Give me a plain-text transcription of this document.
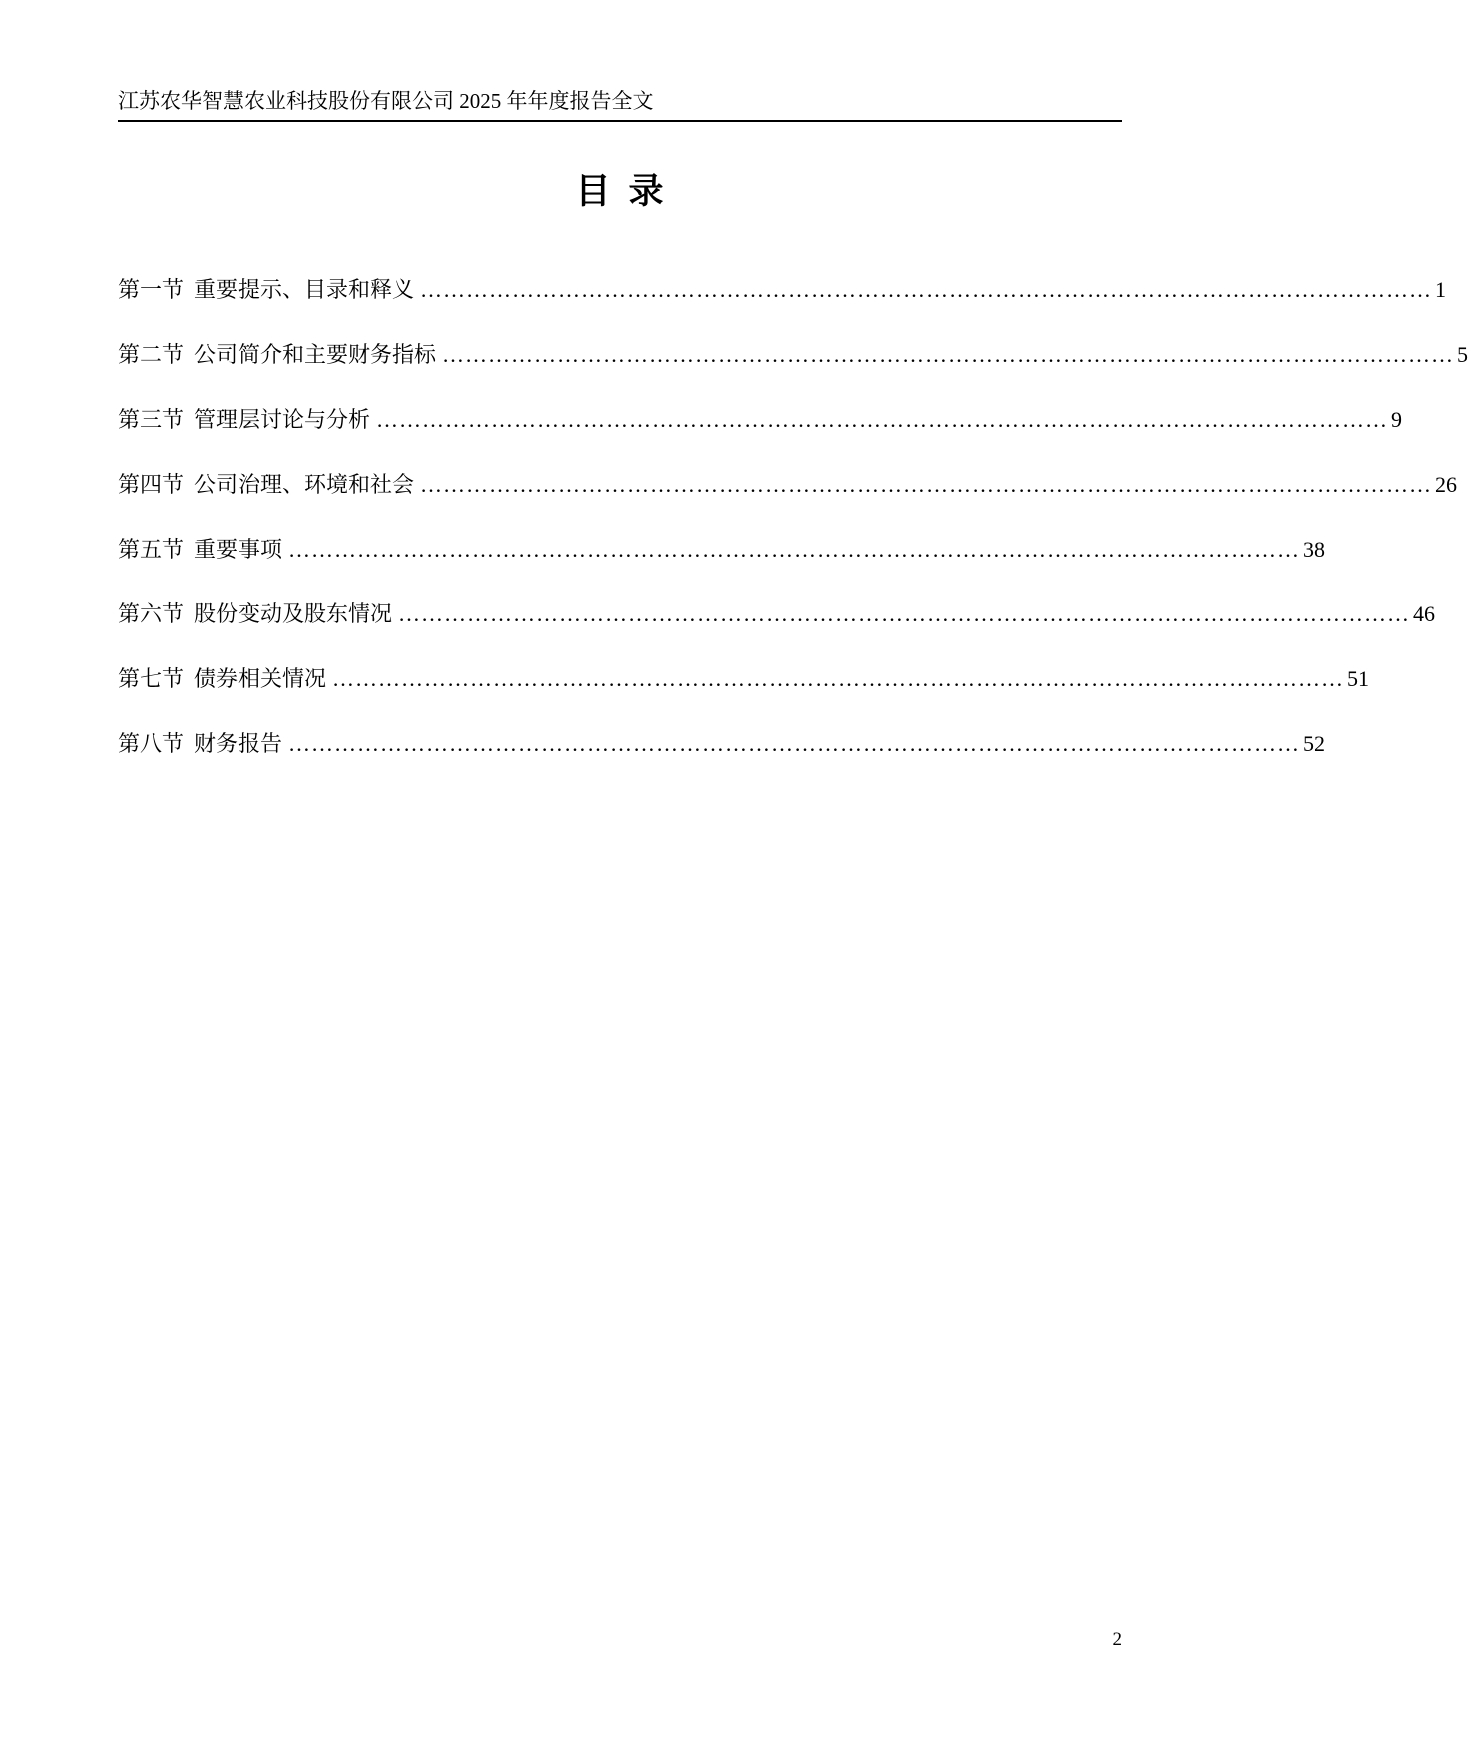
江苏农华智慧农业科技股份有限公司 2025 年年度报告全文
目录
第一节 重要提示、目录和释义 …………………………………………………………………………………………………………………… 1
第二节 公司简介和主要财务指标 …………………………………………………………………………………………………………………… 5
第三节 管理层讨论与分析 …………………………………………………………………………………………………………………… 9
第四节 公司治理、环境和社会 …………………………………………………………………………………………………………………… 26
第五节 重要事项 …………………………………………………………………………………………………………………… 38
第六节 股份变动及股东情况 …………………………………………………………………………………………………………………… 46
第七节 债券相关情况 …………………………………………………………………………………………………………………… 51
第八节 财务报告 …………………………………………………………………………………………………………………… 52
2
